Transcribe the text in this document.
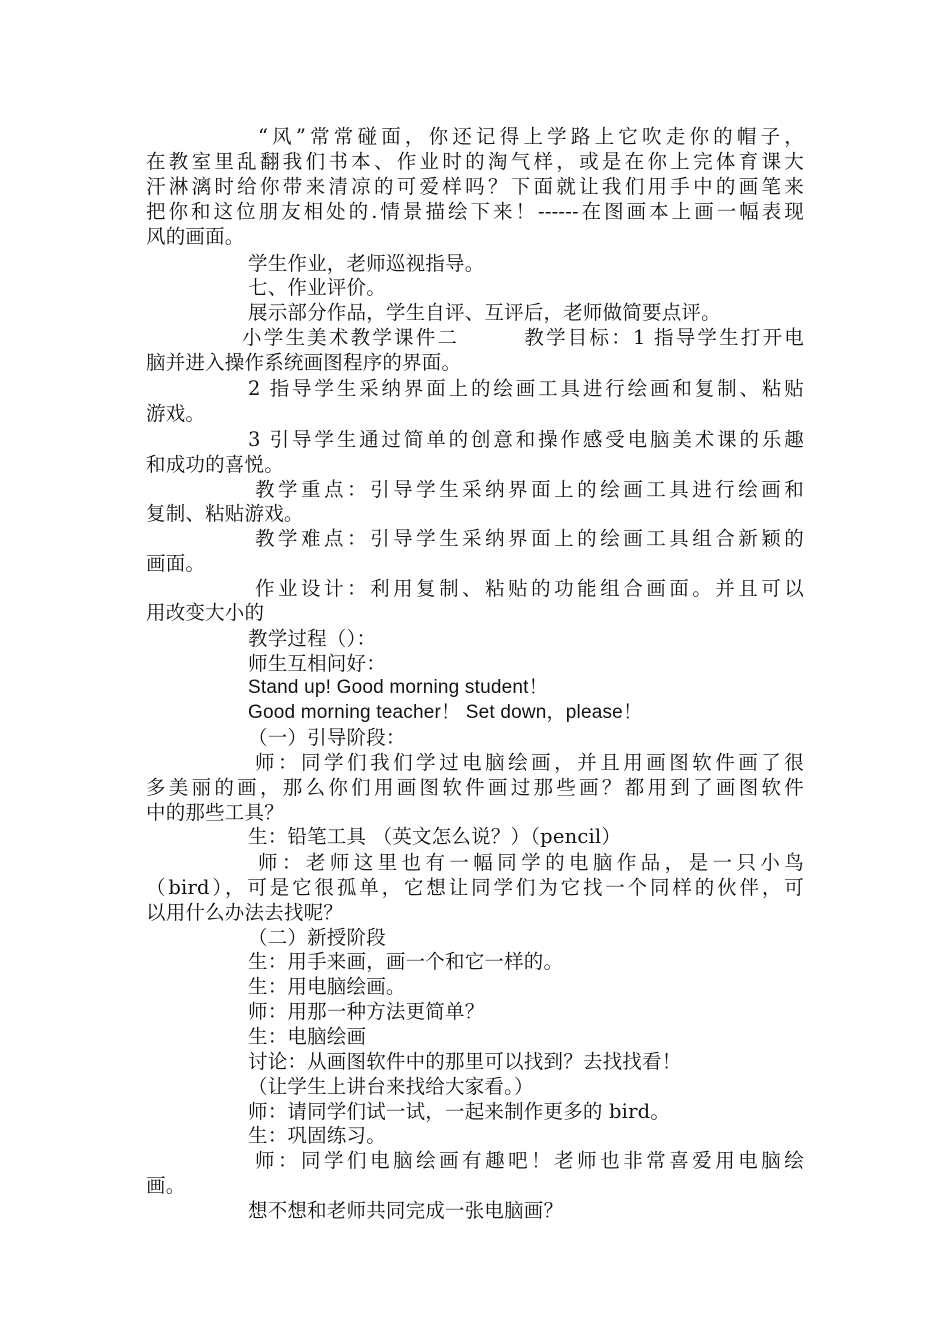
“风”常常碰面，你还记得上学路上它吹走你的帽子，
在教室里乱翻我们书本、作业时的淘气样，或是在你上完体育课大
汗淋漓时给你带来清凉的可爱样吗？下面就让我们用手中的画笔来
把你和这位朋友相处的.情景描绘下来！------在图画本上画一幅表现
风的画面。
学生作业，老师巡视指导。
七、作业评价。
展示部分作品，学生自评、互评后，老师做简要点评。
小学生美术教学课件二　　　教学目标：1 指导学生打开电
脑并进入操作系统画图程序的界面。
2 指导学生采纳界面上的绘画工具进行绘画和复制、粘贴
游戏。
3 引导学生通过简单的创意和操作感受电脑美术课的乐趣
和成功的喜悦。
教学重点：引导学生采纳界面上的绘画工具进行绘画和
复制、粘贴游戏。
教学难点：引导学生采纳界面上的绘画工具组合新颖的
画面。
作业设计：利用复制、粘贴的功能组合画面。并且可以
用改变大小的
教学过程（）：
师生互相问好：
Stand up! Good morning student！
Good morning teacher！ Set down，please！
（一）引导阶段：
师：同学们我们学过电脑绘画，并且用画图软件画了很
多美丽的画，那么你们用画图软件画过那些画？都用到了画图软件
中的那些工具？
生：铅笔工具 （英文怎么说？）（pencil）
师：老师这里也有一幅同学的电脑作品，是一只小鸟
（bird），可是它很孤单，它想让同学们为它找一个同样的伙伴，可
以用什么办法去找呢？
（二）新授阶段
生：用手来画，画一个和它一样的。
生：用电脑绘画。
师：用那一种方法更简单？
生：电脑绘画
讨论：从画图软件中的那里可以找到？去找找看！
（让学生上讲台来找给大家看。）
师：请同学们试一试，一起来制作更多的 bird。
生：巩固练习。
师：同学们电脑绘画有趣吧！老师也非常喜爱用电脑绘
画。
想不想和老师共同完成一张电脑画？
